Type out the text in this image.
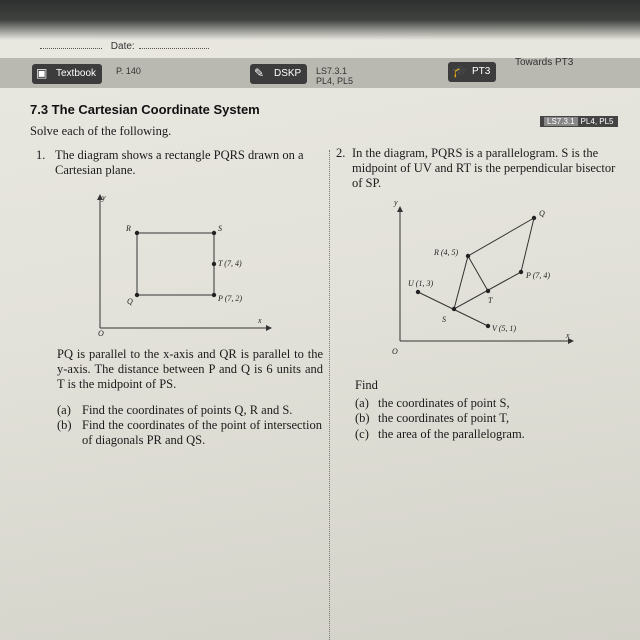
Date:
▣ Textbook	P. 140	✎ DSKP	LS7.3.1
PL4, PL5
🎓 PT3
Towards PT3
7.3 The Cartesian Coordinate System
LS7.3.1 PL4, PL5
Solve each of the following.
1. The diagram shows a rectangle PQRS drawn on a Cartesian plane.
y
x
O
R	S
T (7, 4)
Q	P (7, 2)
PQ is parallel to the x-axis and QR is parallel to the y-axis. The distance between P and Q is 6 units and T is the midpoint of PS.
(a) Find the coordinates of points Q, R and S.
(b) Find the coordinates of the point of intersection of diagonals PR and QS.
2. In the diagram, PQRS is a parallelogram. S is the midpoint of UV and RT is the perpendicular bisector of SP.
y
x
O
Q
R (4, 5)
P (7, 4)
U (1, 3)
T
S
V (5, 1)
Find
(a) the coordinates of point S,
(b) the coordinates of point T,
(c) the area of the parallelogram.
